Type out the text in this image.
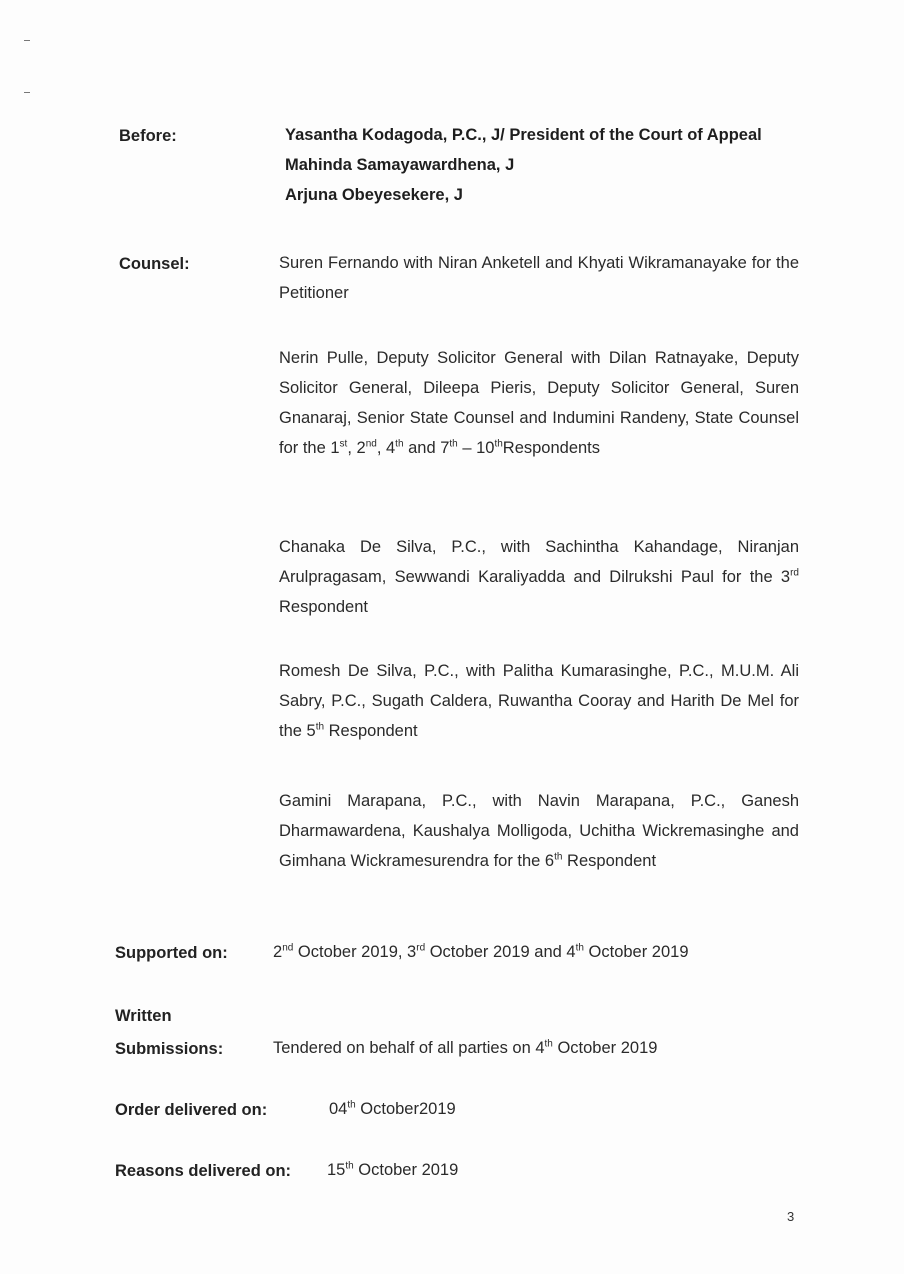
Before:	Yasantha Kodagoda, P.C., J/ President of the Court of Appeal
Mahinda Samayawardhena, J
Arjuna Obeyesekere, J
Counsel:	Suren Fernando with Niran Anketell and Khyati Wikramanayake for the Petitioner
Nerin Pulle, Deputy Solicitor General with Dilan Ratnayake, Deputy Solicitor General, Dileepa Pieris, Deputy Solicitor General, Suren Gnanaraj, Senior State Counsel and Indumini Randeny, State Counsel for the 1st, 2nd, 4th and 7th – 10thRespondents
Chanaka De Silva, P.C., with Sachintha Kahandage, Niranjan Arulpragasam, Sewwandi Karaliyadda and Dilrukshi Paul for the 3rd Respondent
Romesh De Silva, P.C., with Palitha Kumarasinghe, P.C., M.U.M. Ali Sabry, P.C., Sugath Caldera, Ruwantha Cooray and Harith De Mel for the 5th Respondent
Gamini Marapana, P.C., with Navin Marapana, P.C., Ganesh Dharmawardena, Kaushalya Molligoda, Uchitha Wickremasinghe and Gimhana Wickramesurendra for the 6th Respondent
Supported on:	2nd October 2019, 3rd October 2019 and 4th October 2019
Written
Submissions:	Tendered on behalf of all parties on 4th October 2019
Order delivered on:	04th October2019
Reasons delivered on: 15th October 2019
3
